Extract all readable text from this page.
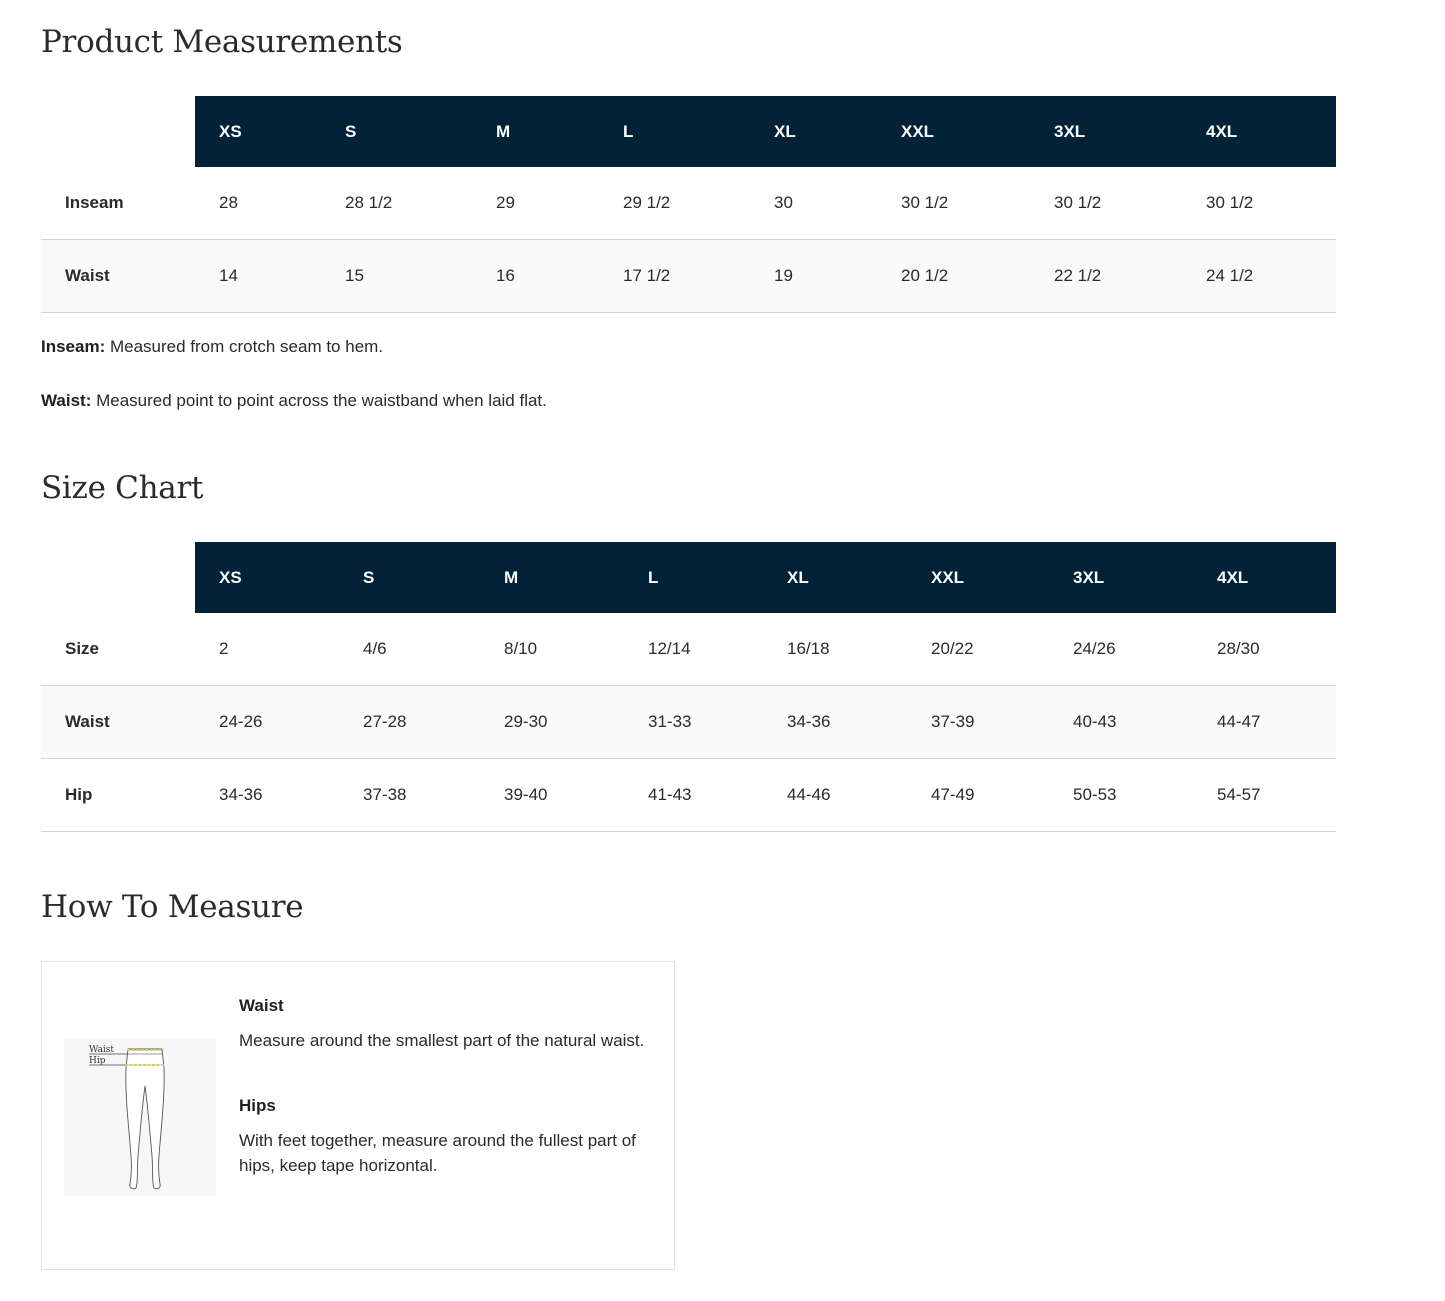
Product Measurements
	XS	S	M	L	XL	XXL	3XL	4XL
Inseam	28	28 1/2	29	29 1/2	30	30 1/2	30 1/2	30 1/2
Waist	14	15	16	17 1/2	19	20 1/2	22 1/2	24 1/2

Inseam: Measured from crotch seam to hem.

Waist: Measured point to point across the waistband when laid flat.

Size Chart
	XS	S	M	L	XL	XXL	3XL	4XL
Size	2	4/6	8/10	12/14	16/18	20/22	24/26	28/30
Waist	24-26	27-28	29-30	31-33	34-36	37-39	40-43	44-47
Hip	34-36	37-38	39-40	41-43	44-46	47-49	50-53	54-57
How To Measure
Waist
Hip

Waist

Measure around the smallest part of the natural waist.

Hips

With feet together, measure around the fullest part of hips, keep tape horizontal.
